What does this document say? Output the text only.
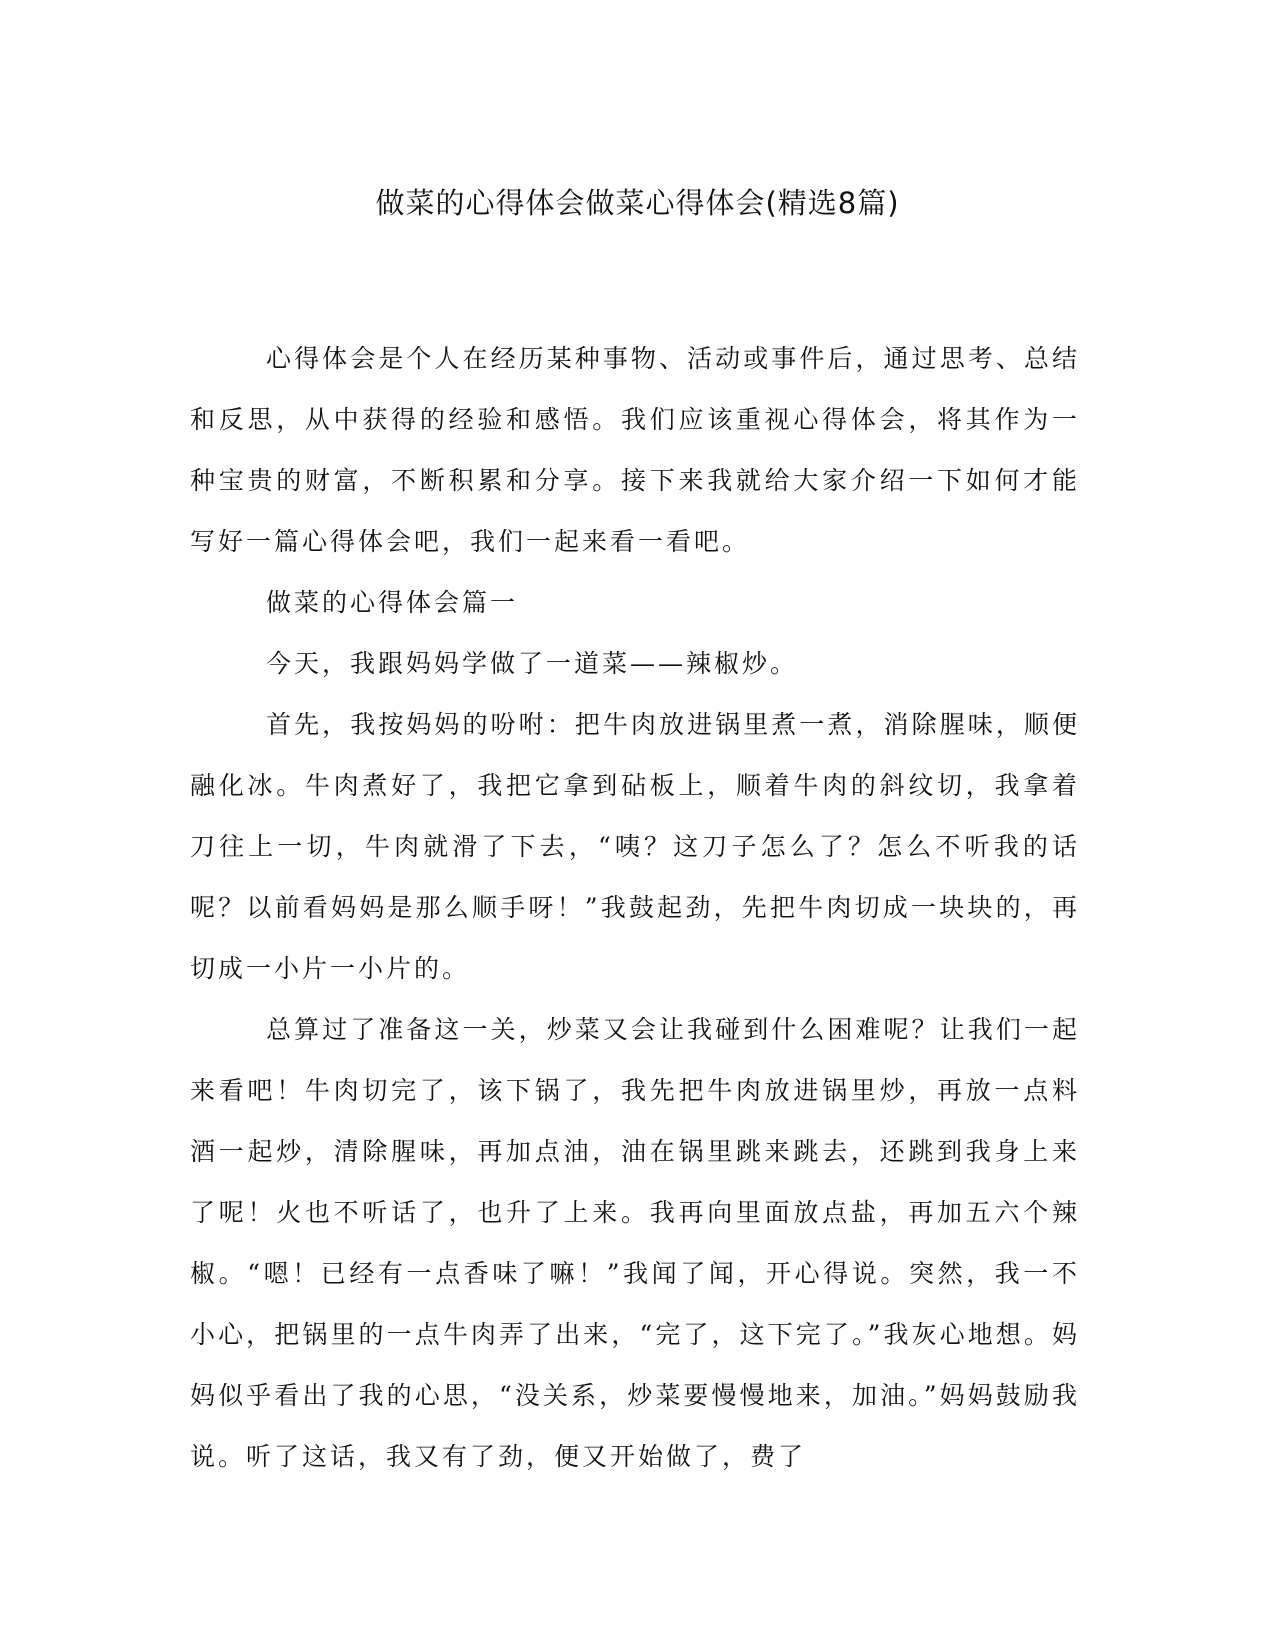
做菜的心得体会做菜心得体会(精选8篇)

心得体会是个人在经历某种事物、活动或事件后，通过思考、总结和反思，从中获得的经验和感悟。我们应该重视心得体会，将其作为一种宝贵的财富，不断积累和分享。接下来我就给大家介绍一下如何才能写好一篇心得体会吧，我们一起来看一看吧。

做菜的心得体会篇一

今天，我跟妈妈学做了一道菜——辣椒炒。

首先，我按妈妈的吩咐：把牛肉放进锅里煮一煮，消除腥味，顺便融化冰。牛肉煮好了，我把它拿到砧板上，顺着牛肉的斜纹切，我拿着刀往上一切，牛肉就滑了下去，“咦？这刀子怎么了？怎么不听我的话呢？以前看妈妈是那么顺手呀！”我鼓起劲，先把牛肉切成一块块的，再切成一小片一小片的。

总算过了准备这一关，炒菜又会让我碰到什么困难呢？让我们一起来看吧！牛肉切完了，该下锅了，我先把牛肉放进锅里炒，再放一点料酒一起炒，清除腥味，再加点油，油在锅里跳来跳去，还跳到我身上来了呢！火也不听话了，也升了上来。我再向里面放点盐，再加五六个辣椒。“嗯！已经有一点香味了嘛！”我闻了闻，开心得说。突然，我一不小心，把锅里的一点牛肉弄了出来，“完了，这下完了。”我灰心地想。妈妈似乎看出了我的心思，“没关系，炒菜要慢慢地来，加油。”妈妈鼓励我说。听了这话，我又有了劲，便又开始做了，费了
